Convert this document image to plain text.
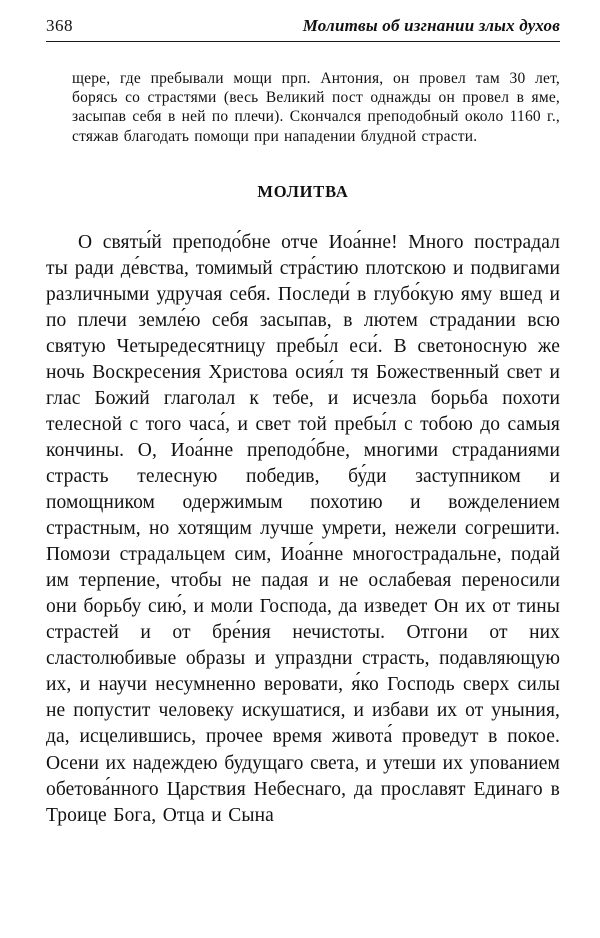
368	Молитвы об изгнании злых духов

щере, где пребывали мощи прп. Антония, он провел там 30 лет, борясь со страстями (весь Великий пост однажды он провел в яме, засыпав себя в ней по плечи). Скончался преподобный около 1160 г., стяжав благодать помощи при нападении блудной страсти.

МОЛИТВА

О святы́й преподо́бне отче Иоа́нне! Много пострадал ты ради де́вства, томимый стра́стию плотскою и подвигами различными удручая себя. Последи́ в глубо́кую яму вшед и по плечи земле́ю себя засыпав, в лютем страдании всю святую Четыредесятницу пребы́л еси́. В светоносную же ночь Воскресения Христова осия́л тя Божественный свет и глас Божий глаголал к тебе, и исчезла борьба похоти телесной с того часа́, и свет той пребы́л с тобою до самыя кончины. О, Иоа́нне преподо́бне, многими страданиями страсть телесную победив, бу́ди заступником и помощником одержимым похотию и вожделением страстным, но хотящим лучше умрети, нежели согрешити. Помози страдальцем сим, Иоа́нне многострадальне, подай им терпение, чтобы не падая и не ослабевая переносили они борьбу сию́, и моли Господа, да изведет Он их от тины страстей и от бре́ния нечистоты. Отгони от них сластолюбивые образы и упраздни страсть, подавляющую их, и научи несумненно веровати, я́ко Господь сверх силы не попустит человеку искушатися, и избави их от уныния, да, исцелившись, прочее время живота́ проведут в покое. Осени их надеждею будущаго света, и утеши их упованием обетова́нного Царствия Небеснаго, да прославят Единаго в Троице Бога, Отца и Сына
